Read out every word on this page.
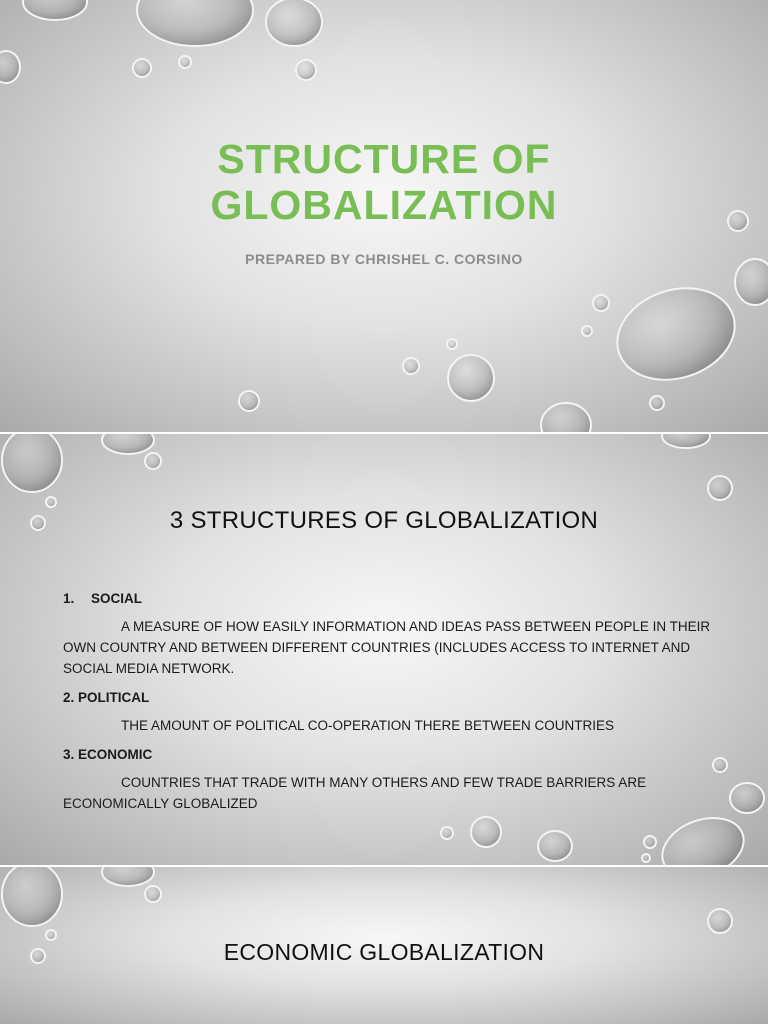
STRUCTURE OF
GLOBALIZATION
PREPARED BY CHRISHEL C. CORSINO
3 STRUCTURES OF GLOBALIZATION
1. SOCIAL
A MEASURE OF HOW EASILY INFORMATION AND IDEAS PASS BETWEEN PEOPLE IN THEIR OWN COUNTRY AND BETWEEN DIFFERENT COUNTRIES (INCLUDES ACCESS TO INTERNET AND SOCIAL MEDIA NETWORK.
2. POLITICAL
THE AMOUNT OF POLITICAL CO-OPERATION THERE BETWEEN COUNTRIES
3. ECONOMIC
COUNTRIES THAT TRADE WITH MANY OTHERS AND FEW TRADE BARRIERS ARE ECONOMICALLY GLOBALIZED
ECONOMIC GLOBALIZATION
